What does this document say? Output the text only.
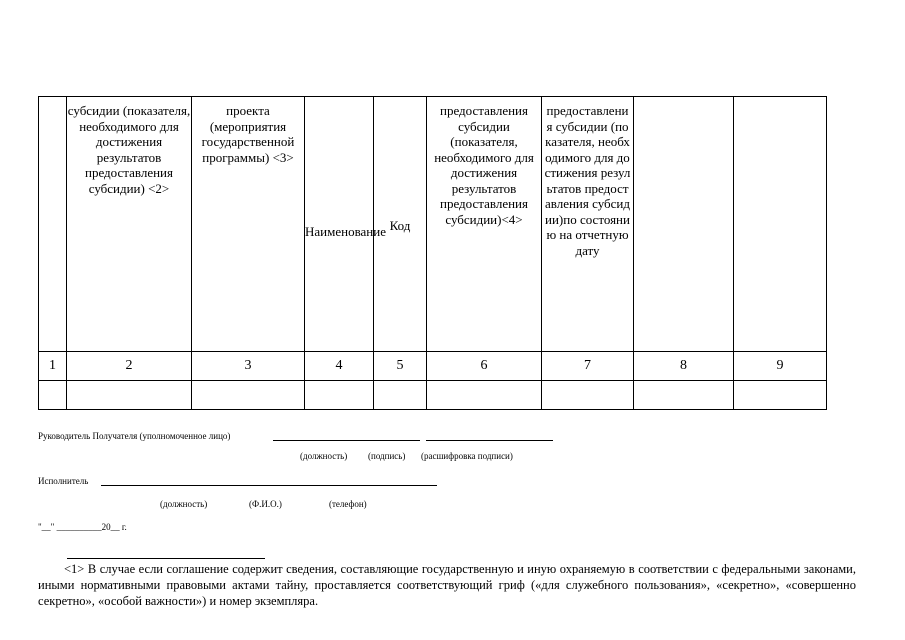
	субсидии (показателя, необходимого для достижения результатов предоставления субсидии) <2>	проекта (мероприятия государственной программы) <3>	Наименование	Код	предоставления субсидии (показателя, необходимого для достижения результатов предоставления субсидии)<4>	предоставления субсидии (показателя, необходимого для достижения результатов предоставления субсидии)по состоянию на отчетную дату		

1	2	3	4	5	6	7	8	9

Руководитель Получателя (уполномоченное лицо)
(должность) (подпись) (расшифровка подписи)
Исполнитель
(должность)	(Ф.И.О.)	(телефон)
"__" __________20__ г.
<1> В случае если соглашение содержит сведения, составляющие государственную и иную охраняемую в соответствии с федеральными законами, иными нормативными правовыми актами тайну, проставляется соответствующий гриф («для служебного пользования», «секретно», «совершенно секретно», «особой важности») и номер экземпляра.
